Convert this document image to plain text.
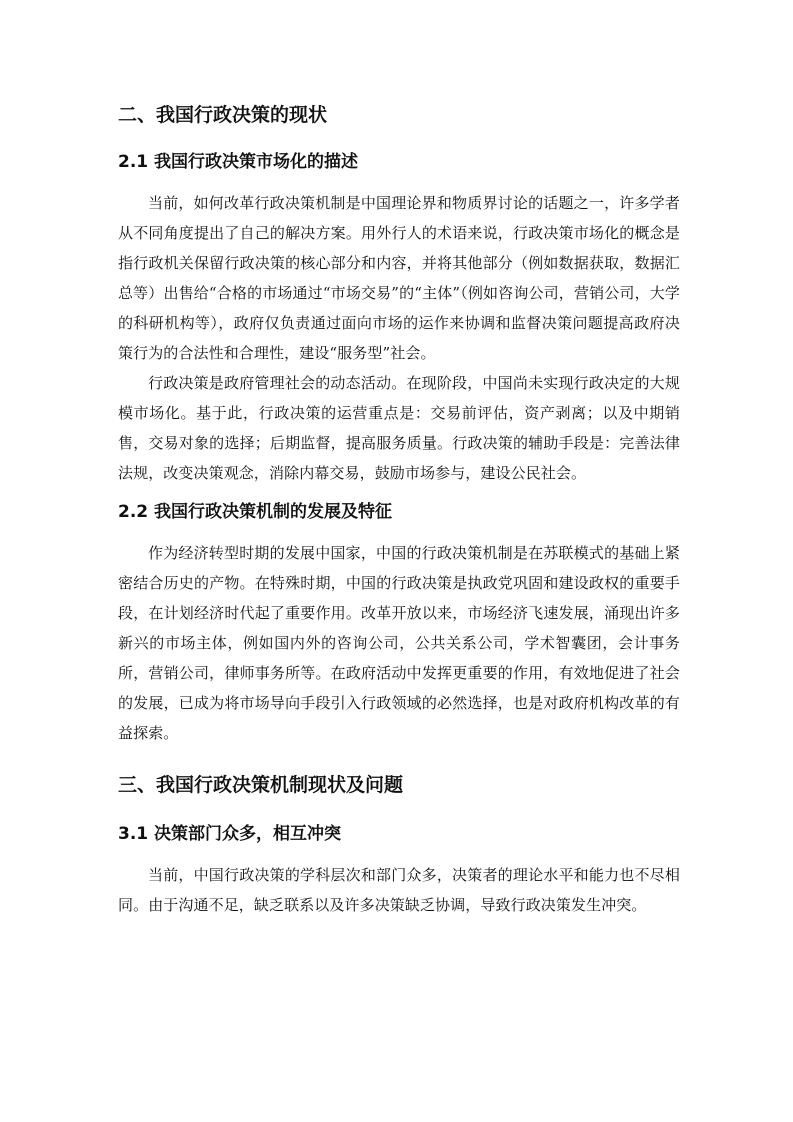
二、我国行政决策的现状
2.1 我国行政决策市场化的描述

当前，如何改革行政决策机制是中国理论界和物质界讨论的话题之一，许多学者从不同角度提出了自己的解决方案。用外行人的术语来说，行政决策市场化的概念是指行政机关保留行政决策的核心部分和内容，并将其他部分（例如数据获取，数据汇总等）出售给“合格的市场通过“市场交易”的“主体”（例如咨询公司，营销公司，大学的科研机构等），政府仅负责通过面向市场的运作来协调和监督决策问题提高政府决策行为的合法性和合理性，建设“服务型”社会。

行政决策是政府管理社会的动态活动。在现阶段，中国尚未实现行政决定的大规模市场化。基于此，行政决策的运营重点是：交易前评估，资产剥离；以及中期销售，交易对象的选择；后期监督，提高服务质量。行政决策的辅助手段是：完善法律法规，改变决策观念，消除内幕交易，鼓励市场参与，建设公民社会。

2.2 我国行政决策机制的发展及特征

作为经济转型时期的发展中国家，中国的行政决策机制是在苏联模式的基础上紧密结合历史的产物。在特殊时期，中国的行政决策是执政党巩固和建设政权的重要手段，在计划经济时代起了重要作用。改革开放以来，市场经济飞速发展，涌现出许多新兴的市场主体，例如国内外的咨询公司，公共关系公司，学术智囊团，会计事务所，营销公司，律师事务所等。在政府活动中发挥更重要的作用，有效地促进了社会的发展，已成为将市场导向手段引入行政领域的必然选择，也是对政府机构改革的有益探索。

三、我国行政决策机制现状及问题
3.1 决策部门众多，相互冲突

当前，中国行政决策的学科层次和部门众多，决策者的理论水平和能力也不尽相同。由于沟通不足，缺乏联系以及许多决策缺乏协调，导致行政决策发生冲突。
